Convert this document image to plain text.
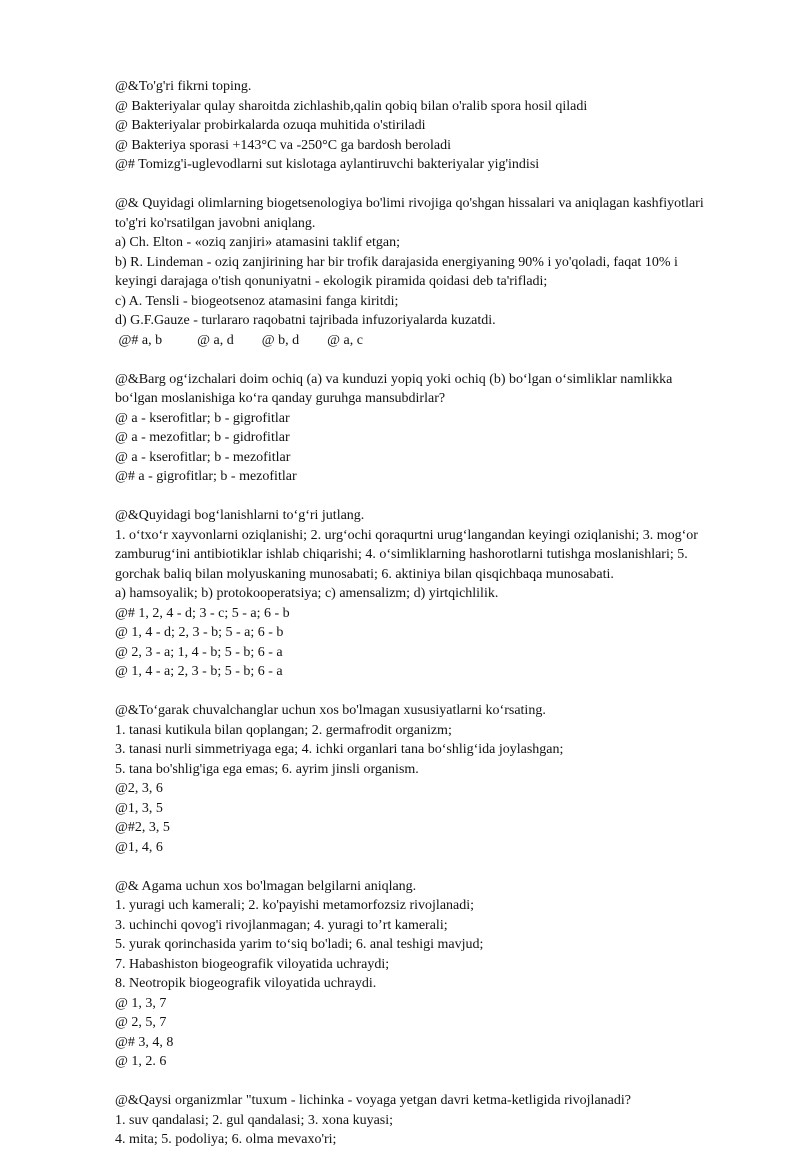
@&To'g'ri fikrni toping.
@ Bakteriyalar qulay sharoitda zichlashib,qalin qobiq bilan o'ralib spora hosil qiladi
@ Bakteriyalar probirkalarda ozuqa muhitida o'stiriladi
@ Bakteriya sporasi +143°C va -250°C ga bardosh beroladi
@# Tomizg'i-uglevodlarni sut kislotaga aylantiruvchi bakteriyalar yig'indisi
@& Quyidagi olimlarning biogetsenologiya bo'limi rivojiga qo'shgan hissalari va aniqlagan kashfiyotlari
to'g'ri ko'rsatilgan javobni aniqlang.
a) Ch. Elton - «oziq zanjiri» atamasini taklif etgan;
b) R. Lindeman - oziq zanjirining har bir trofik darajasida energiyaning 90% i yo'qoladi, faqat 10% i
keyingi darajaga o'tish qonuniyatni - ekologik piramida qoidasi deb ta'rifladi;
c) A. Tensli - biogeotsenoz atamasini fanga kiritdi;
d) G.F.Gauze - turlararo raqobatni tajribada infuzoriyalarda kuzatdi.
@# a, b          @ a, d        @ b, d        @ a, c
@&Barg og‘izchalari doim ochiq (a) va kunduzi yopiq yoki ochiq (b) bo‘lgan o‘simliklar namlikka
bo‘lgan moslanishiga ko‘ra qanday guruhga mansubdirlar?
@ a - kserofitlar; b - gigrofitlar
@ a - mezofitlar; b - gidrofitlar
@ a - kserofitlar; b - mezofitlar
@# a - gigrofitlar; b - mezofitlar
@&Quyidagi bog‘lanishlarni to‘g‘ri jutlang.
1. o‘txo‘r xayvonlarni oziqlanishi; 2. urg‘ochi qoraqurtni urug‘langandan keyingi oziqlanishi; 3. mog‘or
zamburug‘ini antibiotiklar ishlab chiqarishi; 4. o‘simliklarning hashorotlarni tutishga moslanishlari; 5.
gorchak baliq bilan molyuskaning munosabati; 6. aktiniya bilan qisqichbaqa munosabati.
a) hamsoyalik; b) protokooperatsiya; c) amensalizm; d) yirtqichlilik.
@# 1, 2, 4 - d; 3 - c; 5 - a; 6 - b
@ 1, 4 - d; 2, 3 - b; 5 - a; 6 - b
@ 2, 3 - a; 1, 4 - b; 5 - b; 6 - a
@ 1, 4 - a; 2, 3 - b; 5 - b; 6 - a
@&To‘garak chuvalchanglar uchun xos bo'lmagan xususiyatlarni ko‘rsating.
1. tanasi kutikula bilan qoplangan; 2. germafrodit organizm;
3. tanasi nurli simmetriyaga ega; 4. ichki organlari tana bo‘shlig‘ida joylashgan;
5. tana bo'shlig'iga ega emas; 6. ayrim jinsli organism.
@2, 3, 6
@1, 3, 5
@#2, 3, 5
@1, 4, 6
@& Agama uchun xos bo'lmagan belgilarni aniqlang.
1. yuragi uch kamerali; 2. ko'payishi metamorfozsiz rivojlanadi;
3. uchinchi qovog'i rivojlanmagan; 4. yuragi to’rt kamerali;
5. yurak qorinchasida yarim to‘siq bo'ladi; 6. anal teshigi mavjud;
7. Habashiston biogeografik viloyatida uchraydi;
8. Neotropik biogeografik viloyatida uchraydi.
@ 1, 3, 7
@ 2, 5, 7
@# 3, 4, 8
@ 1, 2. 6
@&Qaysi organizmlar "tuxum - lichinka - voyaga yetgan davri ketma-ketligida rivojlanadi?
1. suv qandalasi; 2. gul qandalasi; 3. xona kuyasi;
4. mita; 5. podoliya; 6. olma mevaxo'ri;
